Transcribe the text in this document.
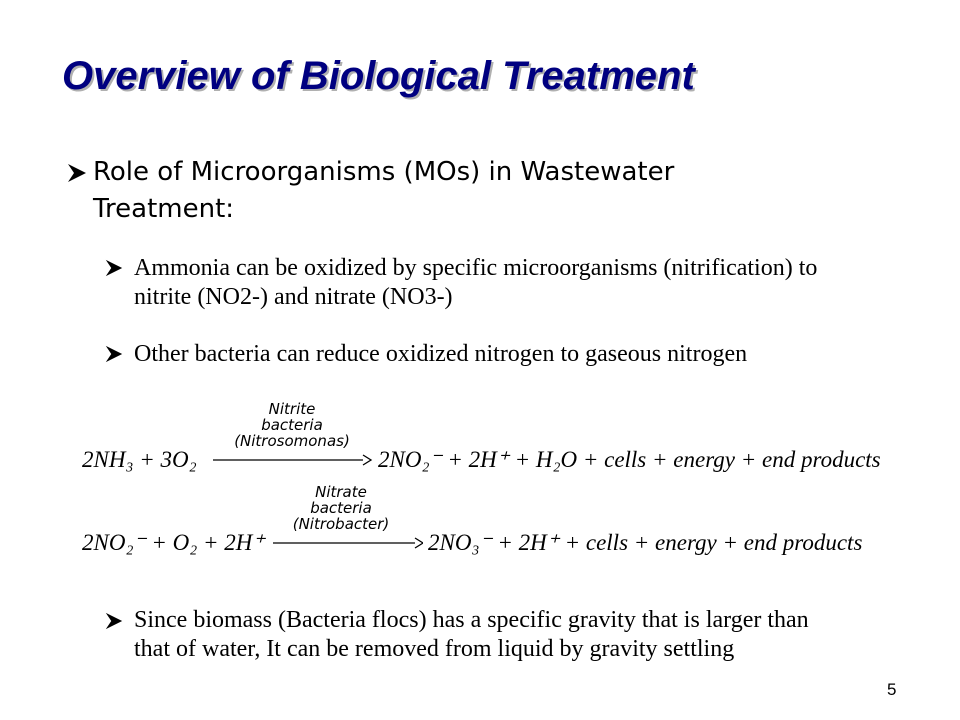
Overview of Biological Treatment
Role of Microorganisms (MOs) in Wastewater Treatment:
Ammonia can be oxidized by specific microorganisms (nitrification) to nitrite (NO2-) and nitrate (NO3-)
Other bacteria can reduce oxidized nitrogen to gaseous nitrogen
2NH₃ + 3O₂
Nitrite
bacteria
(Nitrosomonas)
2NO₂⁻ + 2H⁺ + H₂O + cells + energy + end products
2NO₂⁻ + O₂ + 2H⁺
Nitrate
bacteria
(Nitrobacter)
2NO₃⁻ + 2H⁺ + cells + energy + end products
Since biomass (Bacteria flocs) has a specific gravity that is larger than that of water, It can be removed from liquid by gravity settling
5
